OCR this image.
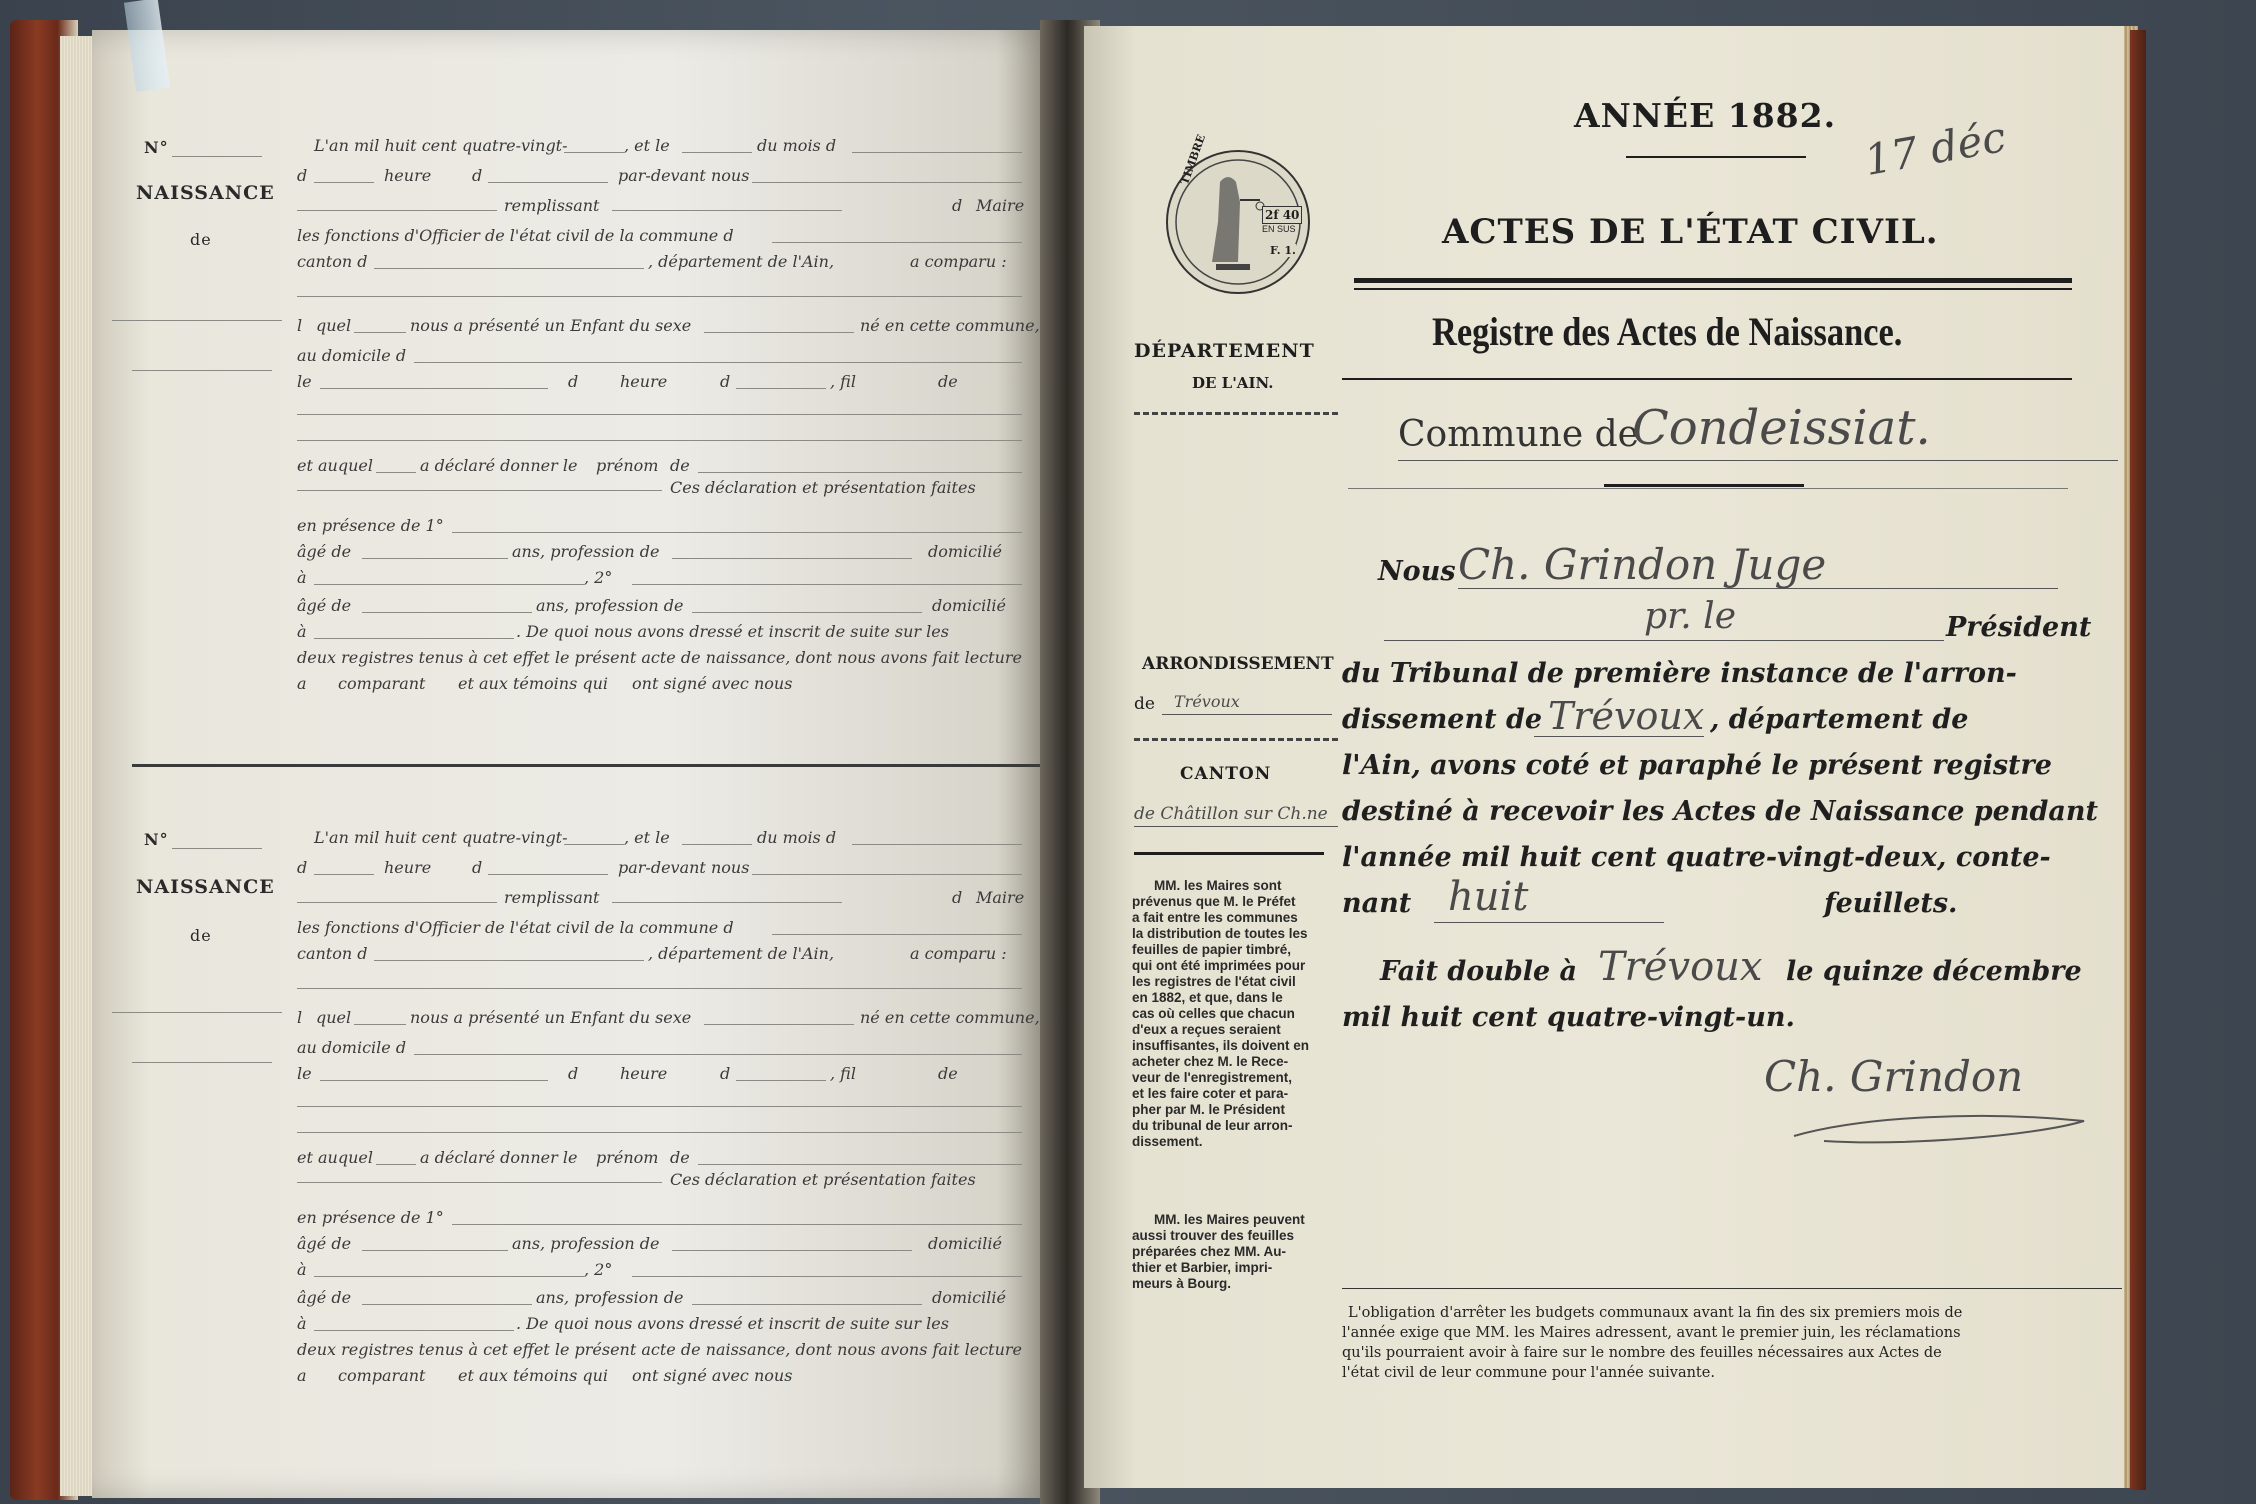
N°
NAISSANCE
de
L'an mil huit cent quatre-vingt-	, et le	du mois d
d	heure	d	par-devant nous
remplissant	d Maire
les fonctions d'Officier de l'état civil de la commune d
canton d	, département de l'Ain,	a comparu :
l quel	nous a présenté un Enfant du sexe	né en cette commune,
au domicile d
le	d	heure	d	, fil	de
et auquel	a déclaré donner le prénom de
Ces déclaration et présentation faites
en présence de 1°
âgé de	ans, profession de	domicilié
à	, 2°
âgé de	ans, profession de	domicilié
à	. De quoi nous avons dressé et inscrit de suite sur les
deux registres tenus à cet effet le présent acte de naissance, dont nous avons fait lecture
a comparant et aux témoins qui ont signé avec nous
N°
NAISSANCE
de
L'an mil huit cent quatre-vingt-	, et le	du mois d
d	heure	d	par-devant nous
remplissant	d Maire
les fonctions d'Officier de l'état civil de la commune d
canton d	, département de l'Ain,	a comparu :
l quel	nous a présenté un Enfant du sexe	né en cette commune,
au domicile d
le	d	heure	d	, fil	de
et auquel	a déclaré donner le prénom de
Ces déclaration et présentation faites
en présence de 1°
âgé de	ans, profession de	domicilié
à	, 2°
âgé de	ans, profession de	domicilié
à	. De quoi nous avons dressé et inscrit de suite sur les
deux registres tenus à cet effet le présent acte de naissance, dont nous avons fait lecture
a comparant et aux témoins qui ont signé avec nous
ANNÉE 1882. 17 déc
ACTES DE L'ÉTAT CIVIL.
Registre des Actes de Naissance.
TIMBRE
2f 40
EN SUS
F. 1.
DÉPARTEMENT
DE L'AIN.
Commune de
Condeissiat.
Nous Ch. Grindon Juge
pr. le	Président
ARRONDISSEMENT
de Trévoux
CANTON
de Châtillon sur Ch.ne
MM. les Maires sont
prévenus que M. le Préfet
a fait entre les communes
la distribution de toutes les
feuilles de papier timbré,
qui ont été imprimées pour
les registres de l'état civil
en 1882, et que, dans le
cas où celles que chacun
d'eux a reçues seraient
insuffisantes, ils doivent en
acheter chez M. le Rece-
veur de l'enregistrement,
et les faire coter et para-
pher par M. le Président
du tribunal de leur arron-
dissement.
MM. les Maires peuvent
aussi trouver des feuilles
préparées chez MM. Au-
thier et Barbier, impri-
meurs à Bourg.
du Tribunal de première instance de l'arron-
dissement de Trévoux , département de
l'Ain, avons coté et paraphé le présent registre
destiné à recevoir les Actes de Naissance pendant
l'année mil huit cent quatre-vingt-deux, conte-
nant huit	feuillets.
Fait double à Trévoux le quinze décembre
mil huit cent quatre-vingt-un.
Ch. Grindon
L'obligation d'arrêter les budgets communaux avant la fin des six premiers mois de
l'année exige que MM. les Maires adressent, avant le premier juin, les réclamations
qu'ils pourraient avoir à faire sur le nombre des feuilles nécessaires aux Actes de
l'état civil de leur commune pour l'année suivante.
